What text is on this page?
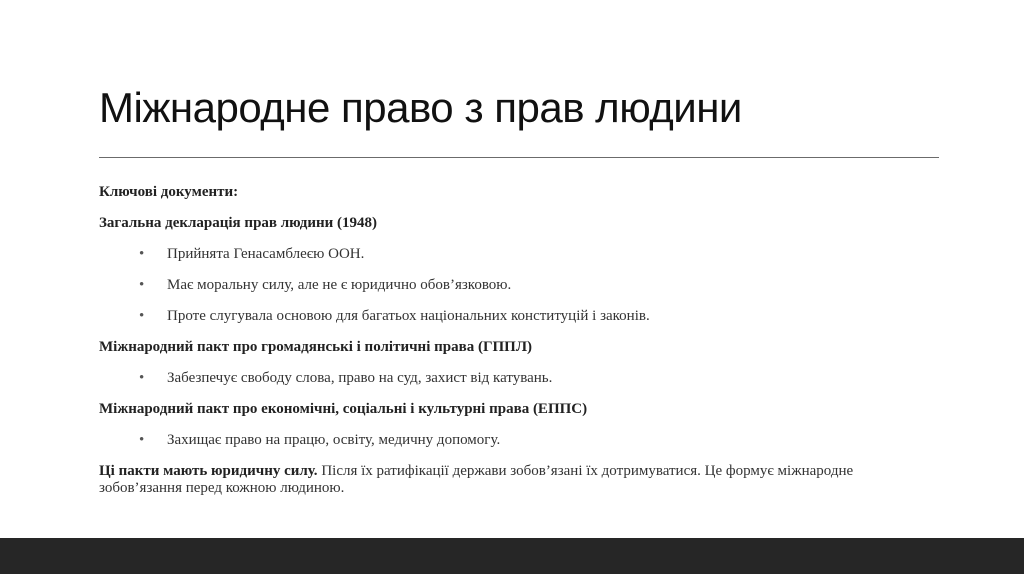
Міжнародне право з прав людини

Ключові документи:

Загальна декларація прав людини (1948)

• Прийнята Генасамблеєю ООН.

• Має моральну силу, але не є юридично обов’язковою.

• Проте слугувала основою для багатьох національних конституцій і законів.

Міжнародний пакт про громадянські і політичні права (ГППЛ)

• Забезпечує свободу слова, право на суд, захист від катувань.

Міжнародний пакт про економічні, соціальні і культурні права (ЕППС)

• Захищає право на працю, освіту, медичну допомогу.

Ці пакти мають юридичну силу. Після їх ратифікації держави зобов’язані їх дотримуватися. Це формує міжнародне зобов’язання перед кожною людиною.
